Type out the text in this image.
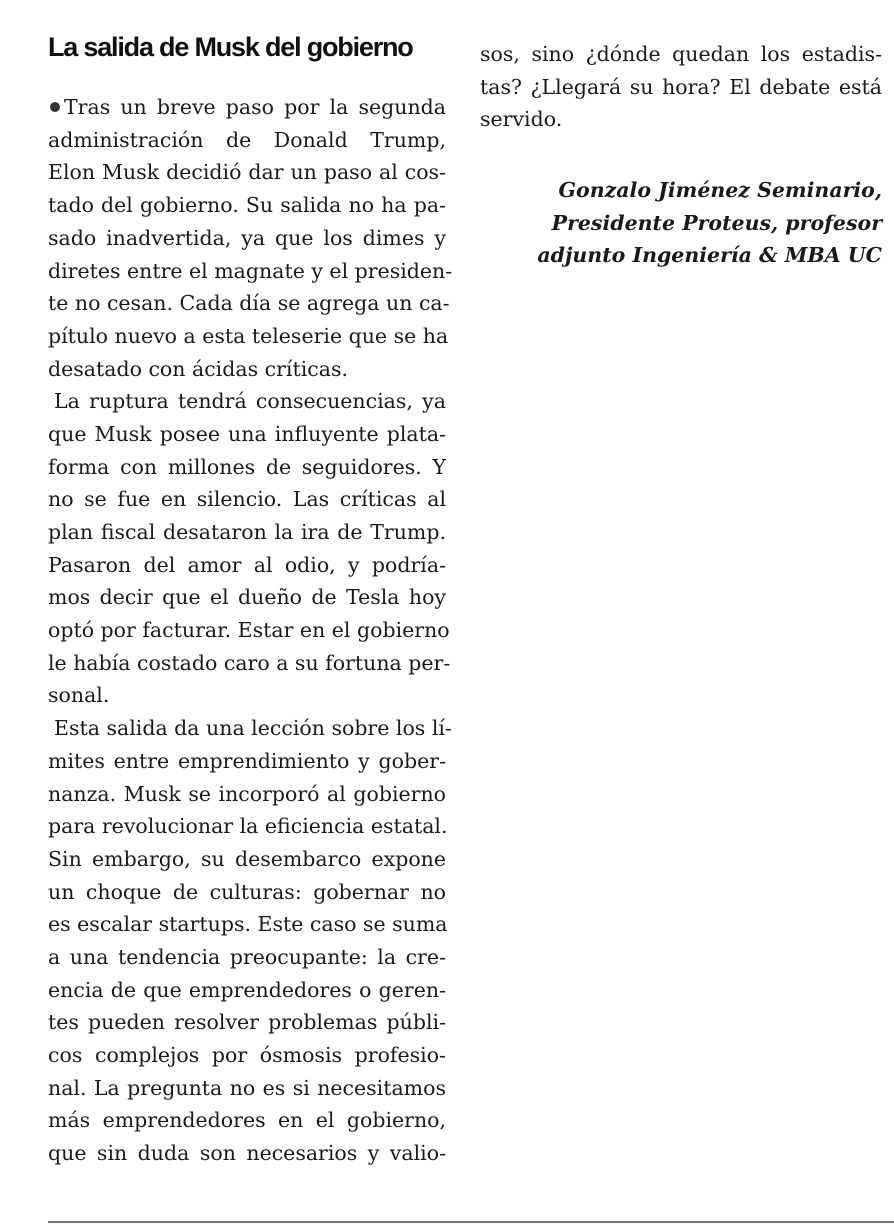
La salida de Musk del gobierno
Tras un breve paso por la segunda
administración de Donald Trump,
Elon Musk decidió dar un paso al cos-
tado del gobierno. Su salida no ha pa-
sado inadvertida, ya que los dimes y
diretes entre el magnate y el presiden-
te no cesan. Cada día se agrega un ca-
pítulo nuevo a esta teleserie que se ha
desatado con ácidas críticas.
La ruptura tendrá consecuencias, ya
que Musk posee una influyente plata-
forma con millones de seguidores. Y
no se fue en silencio. Las críticas al
plan fiscal desataron la ira de Trump.
Pasaron del amor al odio, y podría-
mos decir que el dueño de Tesla hoy
optó por facturar. Estar en el gobierno
le había costado caro a su fortuna per-
sonal.
Esta salida da una lección sobre los lí-
mites entre emprendimiento y gober-
nanza. Musk se incorporó al gobierno
para revolucionar la eficiencia estatal.
Sin embargo, su desembarco expone
un choque de culturas: gobernar no
es escalar startups. Este caso se suma
a una tendencia preocupante: la cre-
encia de que emprendedores o geren-
tes pueden resolver problemas públi-
cos complejos por ósmosis profesio-
nal. La pregunta no es si necesitamos
más emprendedores en el gobierno,
que sin duda son necesarios y valio-
sos, sino ¿dónde quedan los estadis-
tas? ¿Llegará su hora? El debate está
servido.
Gonzalo Jiménez Seminario,
Presidente Proteus, profesor
adjunto Ingeniería & MBA UC
